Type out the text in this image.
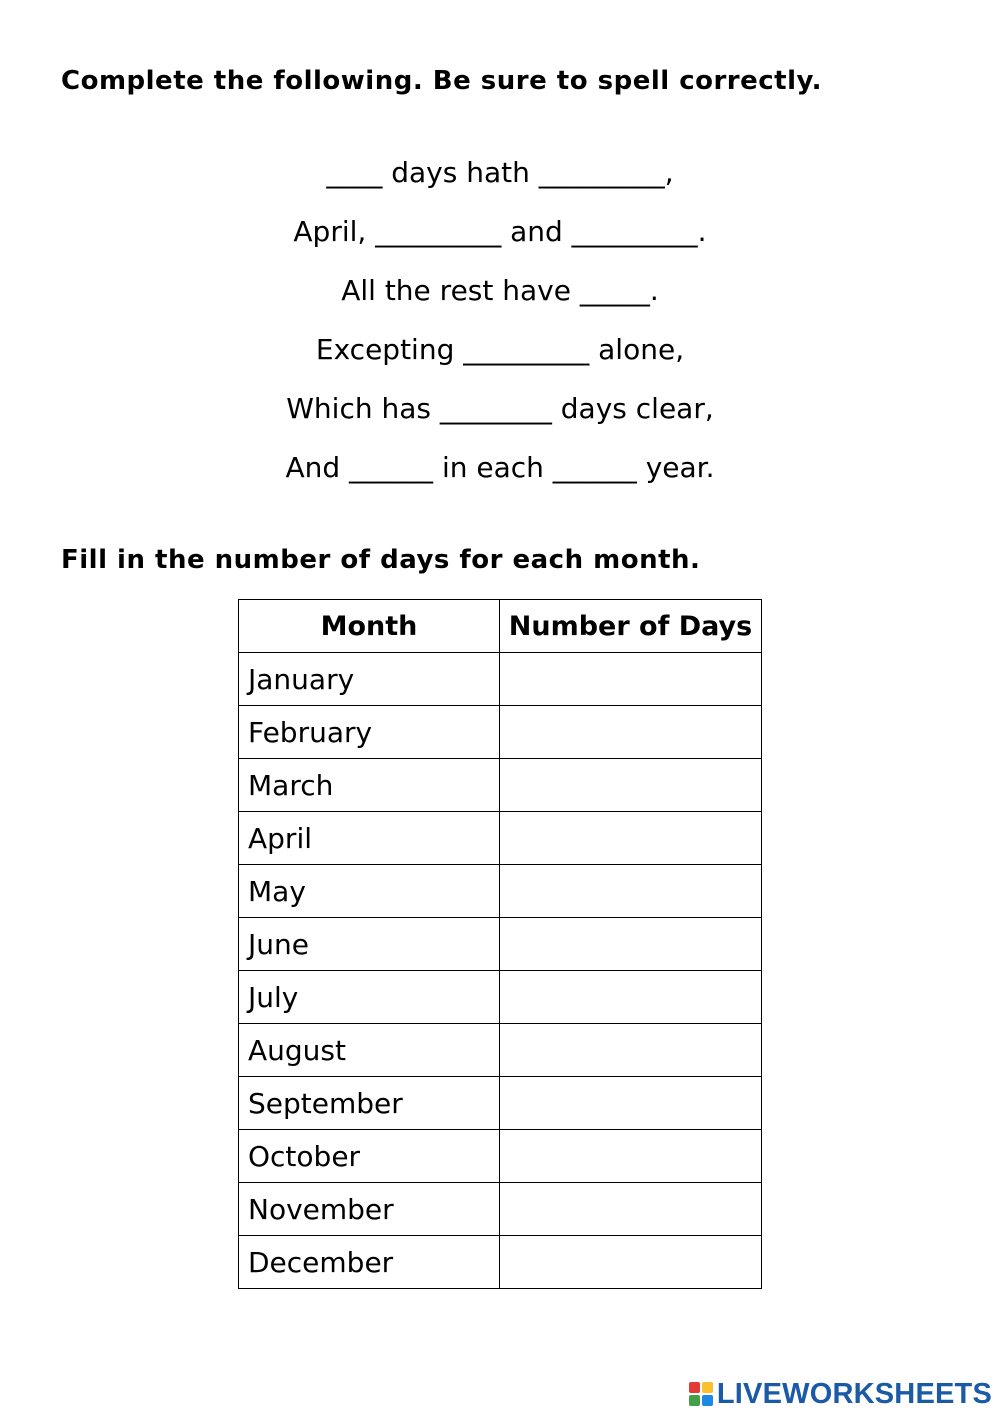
Complete the following. Be sure to spell correctly.
____ days hath _________,
April, _________ and _________.
All the rest have _____.
Excepting _________ alone,
Which has ________ days clear,
And ______ in each ______ year.
Fill in the number of days for each month.
Month	Number of Days
January	
February	
March	
April	
May	
June	
July	
August	
September	
October	
November	
December	
LIVEWORKSHEETS
